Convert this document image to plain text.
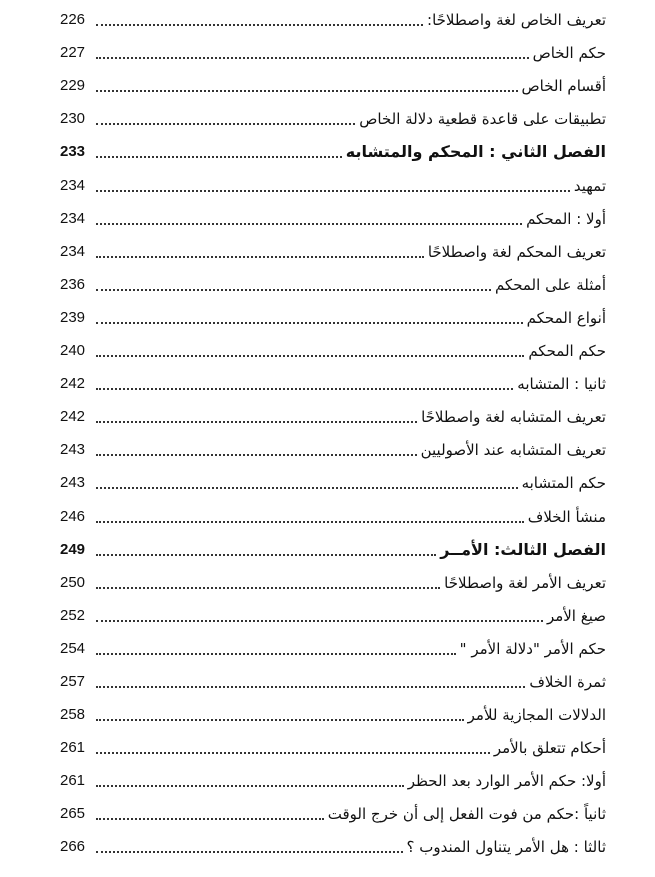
تعريف الخاص لغة واصطلاحًا:
226
حكم الخاص
227
أقسام الخاص
229
تطبيقات على قاعدة قطعية دلالة الخاص
230
الفصل الثاني : المحكم والمتشابه
233
تمهيد
234
أولا : المحكم
234
تعريف المحكم لغة واصطلاحًا
234
أمثلة على المحكم
236
أنواع المحكم
239
حكم المحكم
240
ثانيا : المتشابه
242
تعريف المتشابه لغة واصطلاحًا
242
تعريف المتشابه عند الأصوليين
243
حكم المتشابه
243
منشأ الخلاف
246
الفصل الثالث: الأمــر
249
تعريف الأمر لغة واصطلاحًا
250
صيغ الأمر
252
حكم الأمر "دلالة الأمر "
254
ثمرة الخلاف
257
الدلالات المجازية للأمر
258
أحكام تتعلق بالأمر
261
أولا: حكم الأمر الوارد بعد الحظر
261
ثانياً :حكم من فوت الفعل إلى أن خرج الوقت
265
ثالثا : هل الأمر يتناول المندوب ؟
266
